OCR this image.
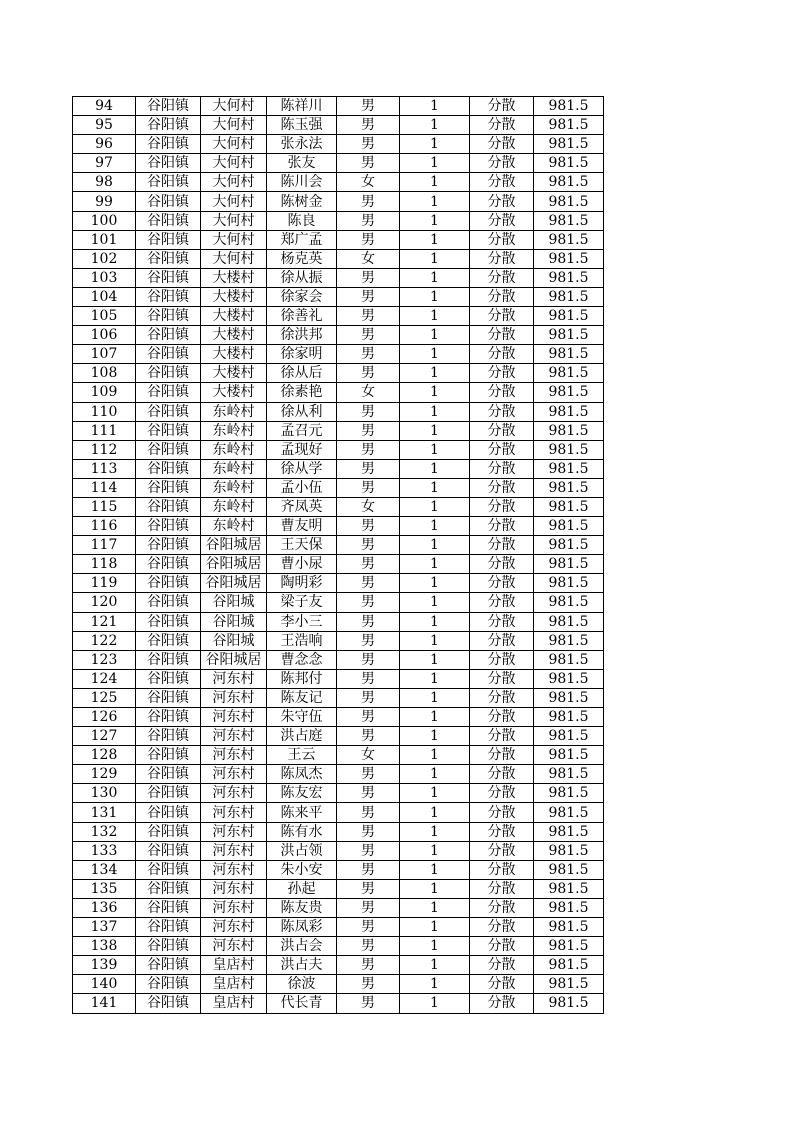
94	谷阳镇	大何村	陈祥川	男	1	分散	981.5
95	谷阳镇	大何村	陈玉强	男	1	分散	981.5
96	谷阳镇	大何村	张永法	男	1	分散	981.5
97	谷阳镇	大何村	张友	男	1	分散	981.5
98	谷阳镇	大何村	陈川会	女	1	分散	981.5
99	谷阳镇	大何村	陈树金	男	1	分散	981.5
100	谷阳镇	大何村	陈良	男	1	分散	981.5
101	谷阳镇	大何村	郑广孟	男	1	分散	981.5
102	谷阳镇	大何村	杨克英	女	1	分散	981.5
103	谷阳镇	大楼村	徐从振	男	1	分散	981.5
104	谷阳镇	大楼村	徐家会	男	1	分散	981.5
105	谷阳镇	大楼村	徐善礼	男	1	分散	981.5
106	谷阳镇	大楼村	徐洪邦	男	1	分散	981.5
107	谷阳镇	大楼村	徐家明	男	1	分散	981.5
108	谷阳镇	大楼村	徐从后	男	1	分散	981.5
109	谷阳镇	大楼村	徐素艳	女	1	分散	981.5
110	谷阳镇	东岭村	徐从利	男	1	分散	981.5
111	谷阳镇	东岭村	孟召元	男	1	分散	981.5
112	谷阳镇	东岭村	孟现好	男	1	分散	981.5
113	谷阳镇	东岭村	徐从学	男	1	分散	981.5
114	谷阳镇	东岭村	孟小伍	男	1	分散	981.5
115	谷阳镇	东岭村	齐凤英	女	1	分散	981.5
116	谷阳镇	东岭村	曹友明	男	1	分散	981.5
117	谷阳镇	谷阳城居	王天保	男	1	分散	981.5
118	谷阳镇	谷阳城居	曹小尿	男	1	分散	981.5
119	谷阳镇	谷阳城居	陶明彩	男	1	分散	981.5
120	谷阳镇	谷阳城	梁子友	男	1	分散	981.5
121	谷阳镇	谷阳城	李小三	男	1	分散	981.5
122	谷阳镇	谷阳城	王浩响	男	1	分散	981.5
123	谷阳镇	谷阳城居	曹念念	男	1	分散	981.5
124	谷阳镇	河东村	陈邦付	男	1	分散	981.5
125	谷阳镇	河东村	陈友记	男	1	分散	981.5
126	谷阳镇	河东村	朱守伍	男	1	分散	981.5
127	谷阳镇	河东村	洪占庭	男	1	分散	981.5
128	谷阳镇	河东村	王云	女	1	分散	981.5
129	谷阳镇	河东村	陈凤杰	男	1	分散	981.5
130	谷阳镇	河东村	陈友宏	男	1	分散	981.5
131	谷阳镇	河东村	陈来平	男	1	分散	981.5
132	谷阳镇	河东村	陈有水	男	1	分散	981.5
133	谷阳镇	河东村	洪占领	男	1	分散	981.5
134	谷阳镇	河东村	朱小安	男	1	分散	981.5
135	谷阳镇	河东村	孙起	男	1	分散	981.5
136	谷阳镇	河东村	陈友贵	男	1	分散	981.5
137	谷阳镇	河东村	陈凤彩	男	1	分散	981.5
138	谷阳镇	河东村	洪占会	男	1	分散	981.5
139	谷阳镇	皇店村	洪占夫	男	1	分散	981.5
140	谷阳镇	皇店村	徐波	男	1	分散	981.5
141	谷阳镇	皇店村	代长青	男	1	分散	981.5
